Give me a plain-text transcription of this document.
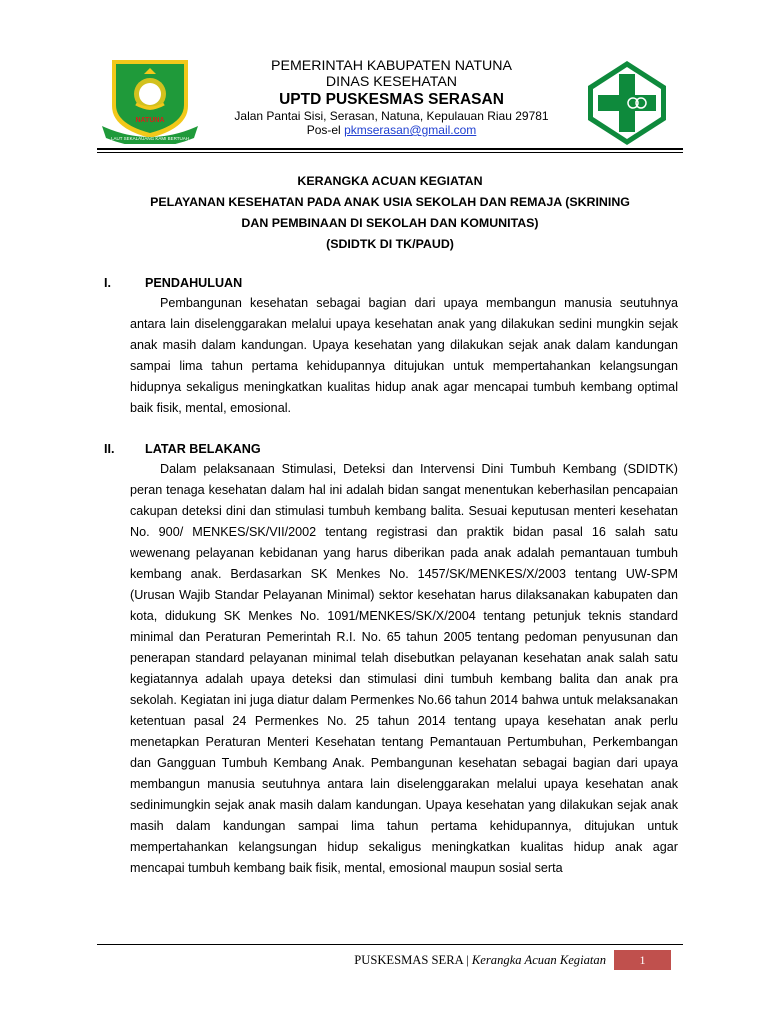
NATUNA
LAUT SEKALAUANG KAMI BERTUAH
PEMERINTAH KABUPATEN NATUNA
DINAS KESEHATAN
UPTD PUSKESMAS SERASAN
Jalan Pantai Sisi, Serasan, Natuna, Kepulauan Riau 29781
Pos-el pkmserasan@gmail.com
KERANGKA ACUAN KEGIATAN
PELAYANAN KESEHATAN PADA ANAK USIA SEKOLAH DAN REMAJA (SKRINING
DAN PEMBINAAN DI SEKOLAH DAN KOMUNITAS)
(SDIDTK DI TK/PAUD)
I.	PENDAHULUAN
Pembangunan kesehatan sebagai bagian dari upaya membangun manusia seutuhnya antara lain diselenggarakan melalui upaya kesehatan anak yang dilakukan sedini mungkin sejak anak masih dalam kandungan. Upaya kesehatan yang dilakukan sejak anak dalam kandungan sampai lima tahun pertama kehidupannya ditujukan untuk mempertahankan kelangsungan hidupnya sekaligus meningkatkan kualitas hidup anak agar mencapai tumbuh kembang optimal baik fisik, mental, emosional.
II. LATAR BELAKANG
Dalam pelaksanaan Stimulasi, Deteksi dan Intervensi Dini Tumbuh Kembang (SDIDTK) peran tenaga kesehatan dalam hal ini adalah bidan sangat menentukan keberhasilan pencapaian cakupan deteksi dini dan stimulasi tumbuh kembang balita. Sesuai keputusan menteri kesehatan No. 900/ MENKES/SK/VII/2002 tentang registrasi dan praktik bidan pasal 16 salah satu wewenang pelayanan kebidanan yang harus diberikan pada anak adalah pemantauan tumbuh kembang anak. Berdasarkan SK Menkes No. 1457/SK/MENKES/X/2003 tentang UW-SPM (Urusan Wajib Standar Pelayanan Minimal) sektor kesehatan harus dilaksanakan kabupaten dan kota, didukung SK Menkes No. 1091/MENKES/SK/X/2004 tentang petunjuk teknis standard minimal dan Peraturan Pemerintah R.I. No. 65 tahun 2005 tentang pedoman penyusunan dan penerapan standard pelayanan minimal telah disebutkan pelayanan kesehatan anak salah satu kegiatannya adalah upaya deteksi dan stimulasi dini tumbuh kembang balita dan anak pra sekolah. Kegiatan ini juga diatur dalam Permenkes No.66 tahun 2014 bahwa untuk melaksanakan ketentuan pasal 24 Permenkes No. 25 tahun 2014 tentang upaya kesehatan anak perlu menetapkan Peraturan Menteri Kesehatan tentang Pemantauan Pertumbuhan, Perkembangan dan Gangguan Tumbuh Kembang Anak. Pembangunan kesehatan sebagai bagian dari upaya membangun manusia seutuhnya antara lain diselenggarakan melalui upaya kesehatan anak sedinimungkin sejak anak masih dalam kandungan. Upaya kesehatan yang dilakukan sejak anak masih dalam kandungan sampai lima tahun pertama kehidupannya, ditujukan untuk mempertahankan kelangsungan hidup sekaligus meningkatkan kualitas hidup anak agar mencapai tumbuh kembang baik fisik, mental, emosional maupun sosial serta
PUSKESMAS SERA | Kerangka Acuan Kegiatan	1
